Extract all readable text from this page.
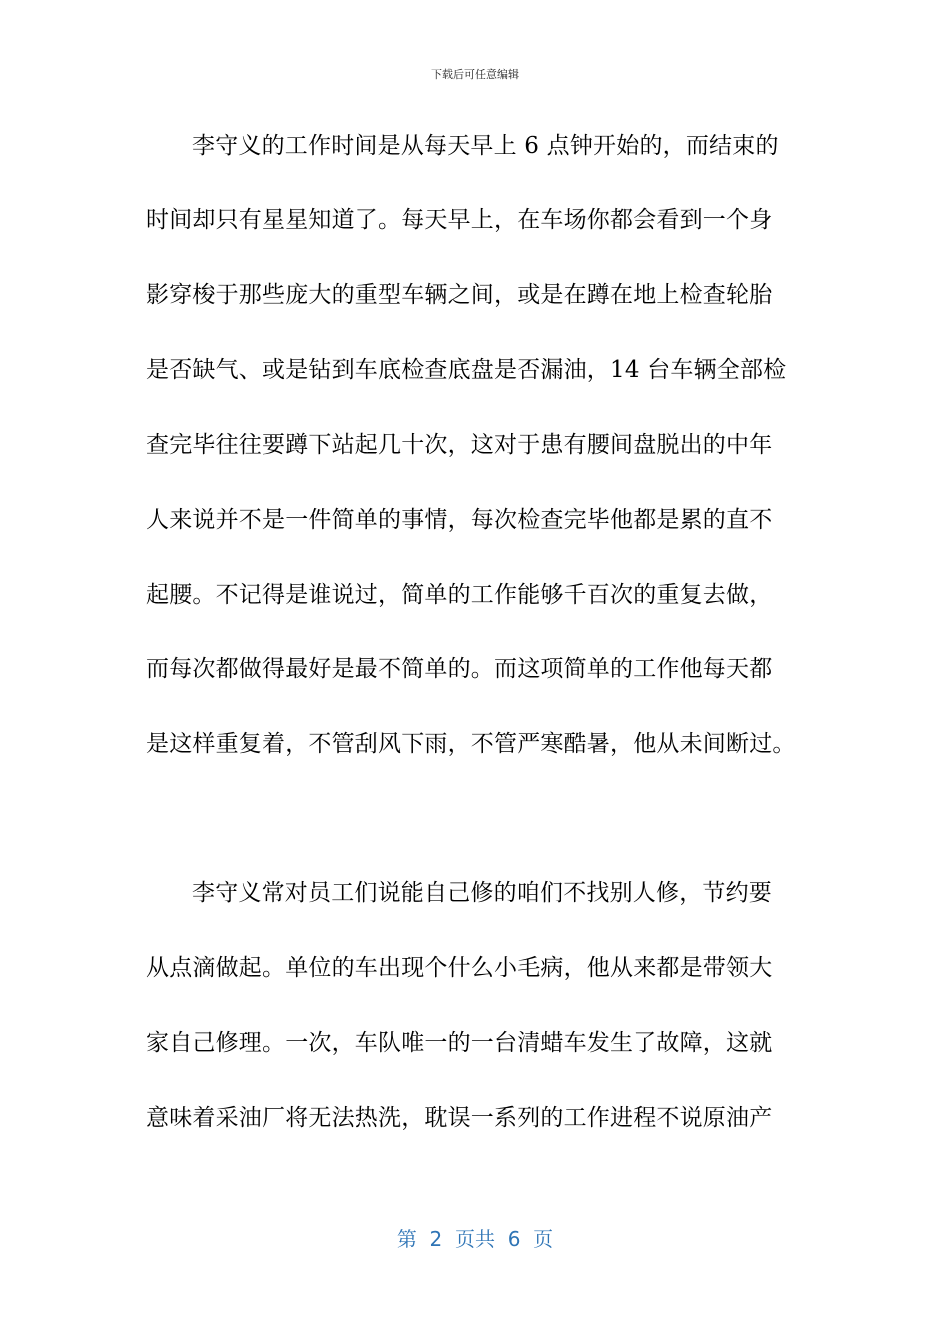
下载后可任意编辑
李守义的工作时间是从每天早上 6 点钟开始的，而结束的
时间却只有星星知道了。每天早上，在车场你都会看到一个身
影穿梭于那些庞大的重型车辆之间，或是在蹲在地上检查轮胎
是否缺气、或是钻到车底检查底盘是否漏油，14 台车辆全部检
查完毕往往要蹲下站起几十次，这对于患有腰间盘脱出的中年
人来说并不是一件简单的事情，每次检查完毕他都是累的直不
起腰。不记得是谁说过，简单的工作能够千百次的重复去做，
而每次都做得最好是最不简单的。而这项简单的工作他每天都
是这样重复着，不管刮风下雨，不管严寒酷暑，他从未间断过。
李守义常对员工们说能自己修的咱们不找别人修，节约要
从点滴做起。单位的车出现个什么小毛病，他从来都是带领大
家自己修理。一次，车队唯一的一台清蜡车发生了故障，这就
意味着采油厂将无法热洗，耽误一系列的工作进程不说原油产
第  2  页共  6  页
